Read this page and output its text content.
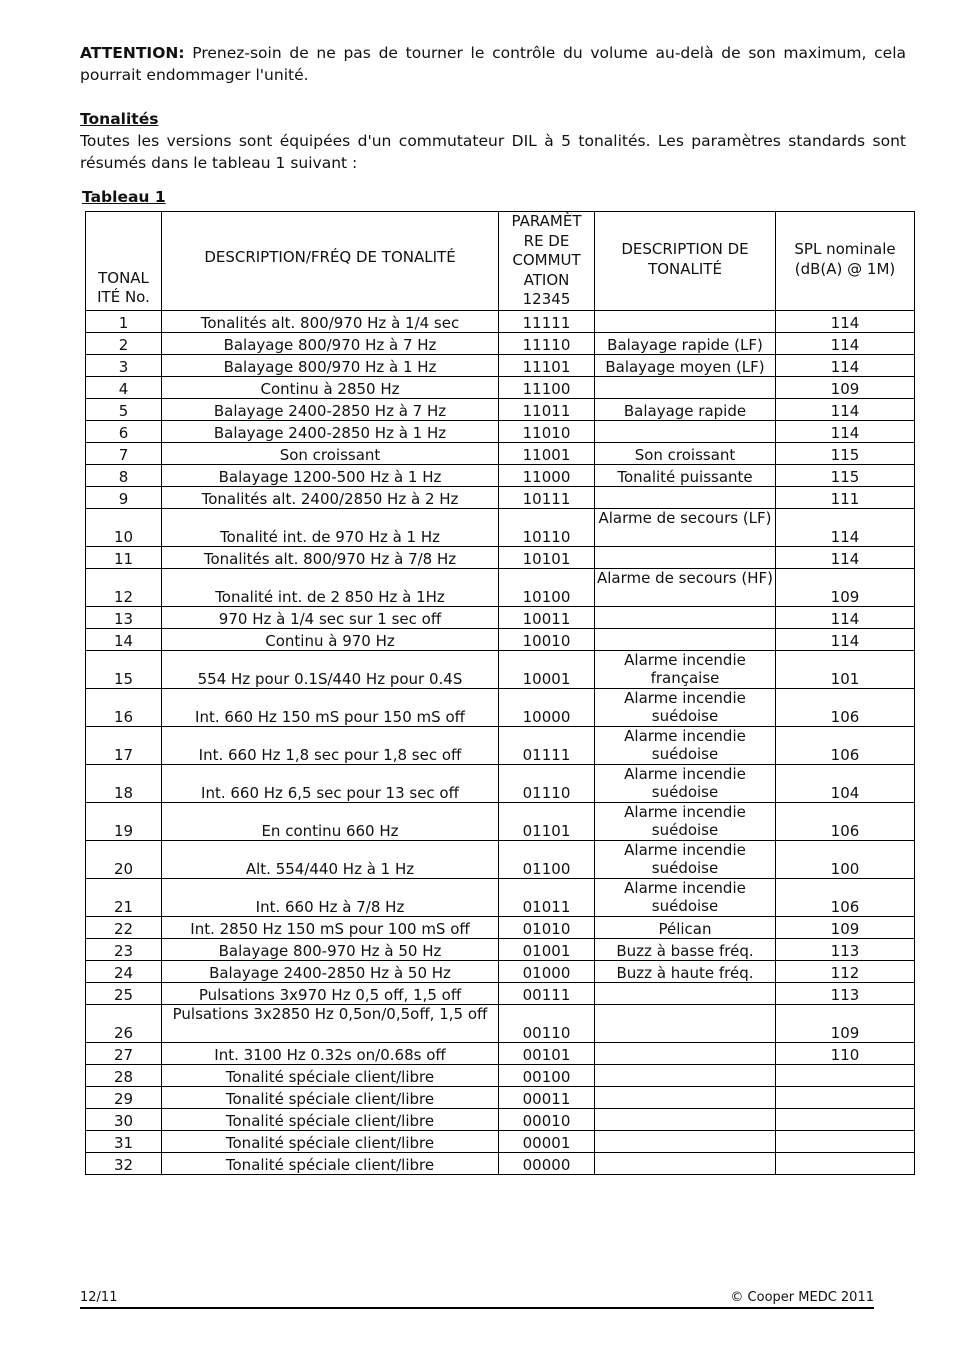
ATTENTION: Prenez-soin de ne pas de tourner le contrôle du volume au-delà de son maximum, cela pourrait endommager l'unité.

Tonalités

Toutes les versions sont équipées d'un commutateur DIL à 5 tonalités. Les paramètres standards sont résumés dans le tableau 1 suivant :

Tableau 1
TONAL ITÉ No.	DESCRIPTION/FRÉQ DE TONALITÉ	PARAMÈT RE DE COMMUT ATION 12345	DESCRIPTION DE TONALITÉ	SPL nominale (dB(A) @ 1M)
1	Tonalités alt. 800/970 Hz à 1/4 sec	11111		114
2	Balayage 800/970 Hz à 7 Hz	11110	Balayage rapide (LF)	114
3	Balayage 800/970 Hz à 1 Hz	11101	Balayage moyen (LF)	114
4	Continu à 2850 Hz	11100		109
5	Balayage 2400-2850 Hz à 7 Hz	11011	Balayage rapide	114
6	Balayage 2400-2850 Hz à 1 Hz	11010		114
7	Son croissant	11001	Son croissant	115
8	Balayage 1200-500 Hz à 1 Hz	11000	Tonalité puissante	115
9	Tonalités alt. 2400/2850 Hz à 2 Hz	10111		111
10	Tonalité int. de 970 Hz à 1 Hz	10110	Alarme de secours (LF)	114
11	Tonalités alt. 800/970 Hz à 7/8 Hz	10101		114
12	Tonalité int. de 2 850 Hz à 1Hz	10100	Alarme de secours (HF)	109
13	970 Hz à 1/4 sec sur 1 sec off	10011		114
14	Continu à 970 Hz	10010		114
15	554 Hz pour 0.1S/440 Hz pour 0.4S	10001	Alarme incendie française	101
16	Int. 660 Hz 150 mS pour 150 mS off	10000	Alarme incendie suédoise	106
17	Int. 660 Hz 1,8 sec pour 1,8 sec off	01111	Alarme incendie suédoise	106
18	Int. 660 Hz 6,5 sec pour 13 sec off	01110	Alarme incendie suédoise	104
19	En continu 660 Hz	01101	Alarme incendie suédoise	106
20	Alt. 554/440 Hz à 1 Hz	01100	Alarme incendie suédoise	100
21	Int. 660 Hz à 7/8 Hz	01011	Alarme incendie suédoise	106
22	Int. 2850 Hz 150 mS pour 100 mS off	01010	Pélican	109
23	Balayage 800-970 Hz à 50 Hz	01001	Buzz à basse fréq.	113
24	Balayage 2400-2850 Hz à 50 Hz	01000	Buzz à haute fréq.	112
25	Pulsations 3x970 Hz 0,5 off, 1,5 off	00111		113
26	Pulsations 3x2850 Hz 0,5on/0,5off, 1,5 off	00110		109
27	Int. 3100 Hz 0.32s on/0.68s off	00101		110
28	Tonalité spéciale client/libre	00100		
29	Tonalité spéciale client/libre	00011		
30	Tonalité spéciale client/libre	00010		
31	Tonalité spéciale client/libre	00001		
32	Tonalité spéciale client/libre	00000		
12/11	© Cooper MEDC 2011
